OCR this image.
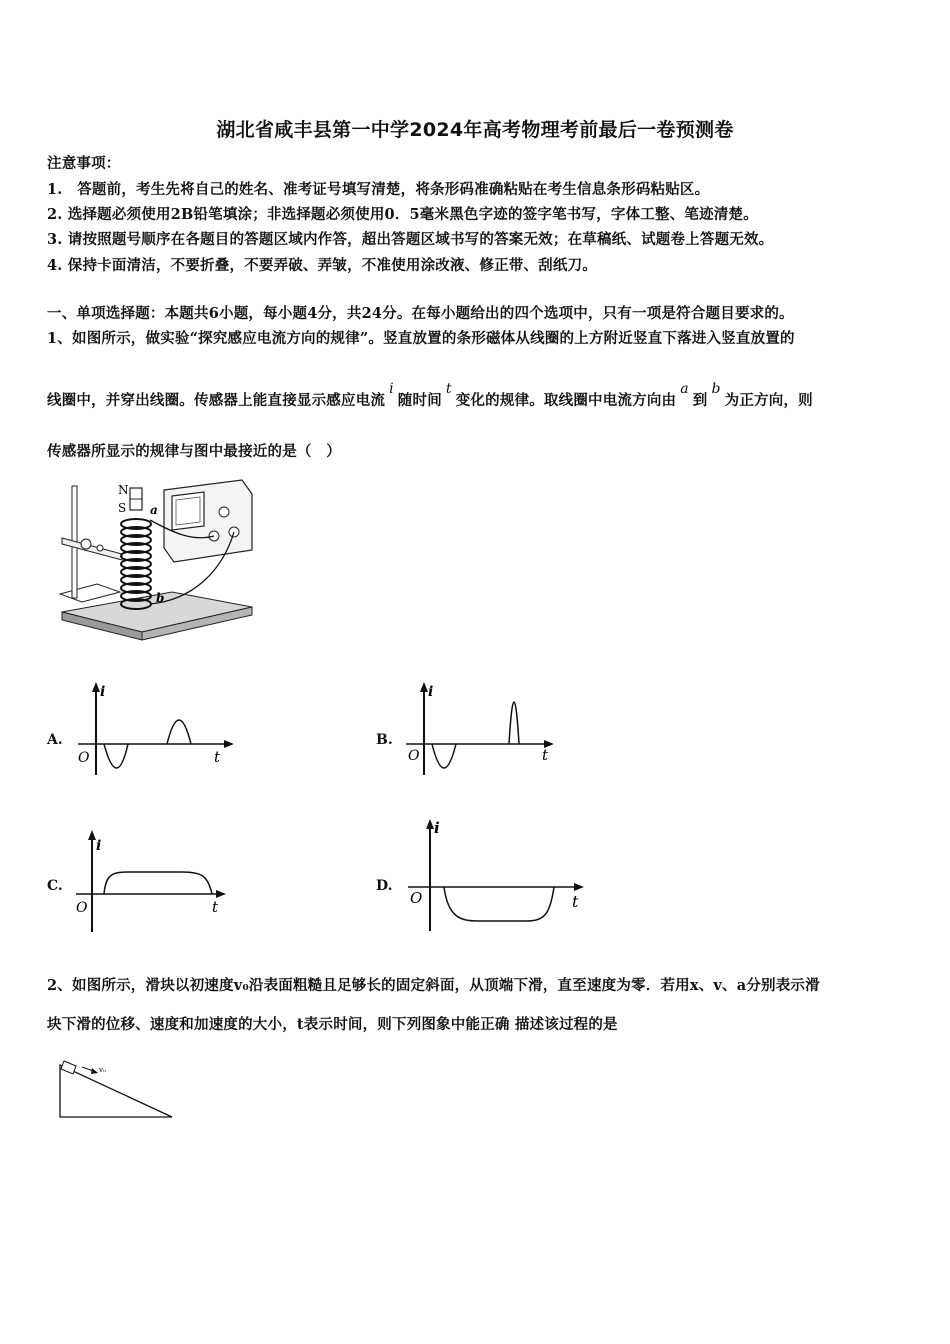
湖北省咸丰县第一中学2024年高考物理考前最后一卷预测卷
注意事项：
1.　答题前，考生先将自己的姓名、准考证号填写清楚，将条形码准确粘贴在考生信息条形码粘贴区。
2. 选择题必须使用2B铅笔填涂；非选择题必须使用0．5毫米黑色字迹的签字笔书写，字体工整、笔迹清楚。
3. 请按照题号顺序在各题目的答题区域内作答，超出答题区域书写的答案无效；在草稿纸、试题卷上答题无效。
4. 保持卡面清洁，不要折叠，不要弄破、弄皱，不准使用涂改液、修正带、刮纸刀。
一、单项选择题：本题共6小题，每小题4分，共24分。在每小题给出的四个选项中，只有一项是符合题目要求的。
1、如图所示，做实验“探究感应电流方向的规律”。竖直放置的条形磁体从线圈的上方附近竖直下落进入竖直放置的
线圈中，并穿出线圈。传感器上能直接显示感应电流i随时间t变化的规律。取线圈中电流方向由a到b为正方向，则
传感器所显示的规律与图中最接近的是（　）
N
S a
b
A.
i
t
O
B.
i
t
O
C.
i
t
O
D.
i
t
O
2、如图所示，滑块以初速度v₀沿表面粗糙且足够长的固定斜面，从顶端下滑，直至速度为零．若用x、v、a分别表示滑
块下滑的位移、速度和加速度的大小，t表示时间，则下列图象中能正确 描述该过程的是
v₀
